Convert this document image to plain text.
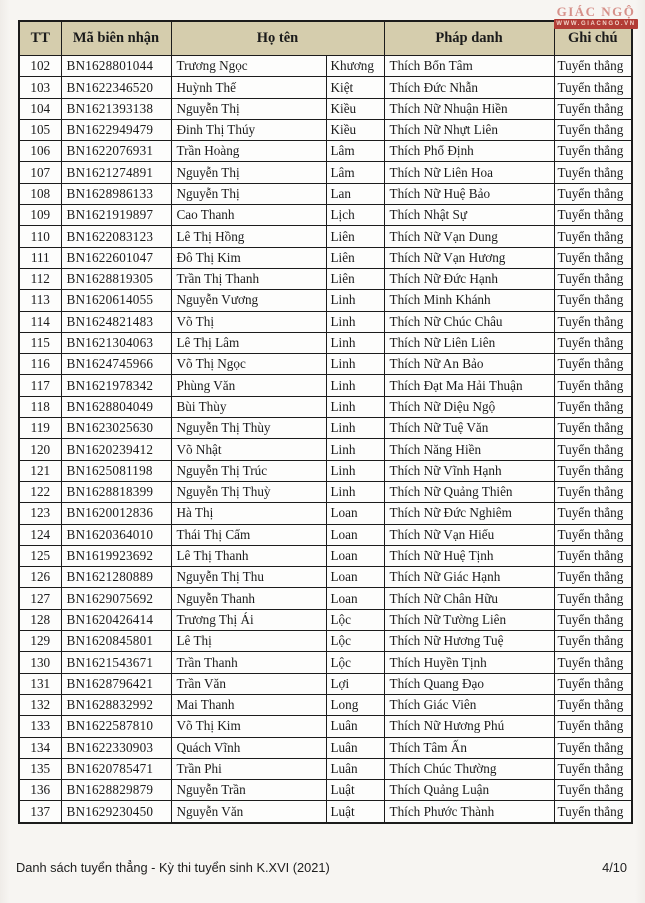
TT	Mã biên nhận	Họ tên		Pháp danh	Ghi chú
102	BN1628801044	Trương Ngọc	Khương	Thích Bổn Tâm	Tuyển thẳng
103	BN1622346520	Huỳnh Thế	Kiệt	Thích Đức Nhẫn	Tuyển thẳng
104	BN1621393138	Nguyễn Thị	Kiều	Thích Nữ Nhuận Hiền	Tuyển thẳng
105	BN1622949479	Đinh Thị Thúy	Kiều	Thích Nữ Nhựt Liên	Tuyển thẳng
106	BN1622076931	Trần Hoàng	Lâm	Thích Phổ Định	Tuyển thẳng
107	BN1621274891	Nguyễn Thị	Lâm	Thích Nữ Liên Hoa	Tuyển thẳng
108	BN1628986133	Nguyễn Thị	Lan	Thích Nữ Huệ Bảo	Tuyển thẳng
109	BN1621919897	Cao Thanh	Lịch	Thích Nhật Sự	Tuyển thẳng
110	BN1622083123	Lê Thị Hồng	Liên	Thích Nữ Vạn Dung	Tuyển thẳng
111	BN1622601047	Đô Thị Kim	Liên	Thích Nữ Vạn Hương	Tuyển thẳng
112	BN1628819305	Trần Thị Thanh	Liên	Thích Nữ Đức Hạnh	Tuyển thẳng
113	BN1620614055	Nguyễn Vương	Linh	Thích Minh Khánh	Tuyển thẳng
114	BN1624821483	Võ Thị	Linh	Thích Nữ Chúc Châu	Tuyển thẳng
115	BN1621304063	Lê Thị Lâm	Linh	Thích Nữ Liên Liên	Tuyển thẳng
116	BN1624745966	Võ Thị Ngọc	Linh	Thích Nữ An Bảo	Tuyển thẳng
117	BN1621978342	Phùng Văn	Linh	Thích Đạt Ma Hải Thuận	Tuyển thẳng
118	BN1628804049	Bùi Thùy	Linh	Thích Nữ Diệu Ngộ	Tuyển thẳng
119	BN1623025630	Nguyễn Thị Thùy	Linh	Thích Nữ Tuệ Văn	Tuyển thẳng
120	BN1620239412	Võ Nhật	Linh	Thích Năng Hiền	Tuyển thẳng
121	BN1625081198	Nguyễn Thị Trúc	Linh	Thích Nữ Vĩnh Hạnh	Tuyển thẳng
122	BN1628818399	Nguyễn Thị Thuỳ	Linh	Thích Nữ Quảng Thiên	Tuyển thẳng
123	BN1620012836	Hà Thị	Loan	Thích Nữ Đức Nghiêm	Tuyển thẳng
124	BN1620364010	Thái Thị Cẩm	Loan	Thích Nữ Vạn Hiếu	Tuyển thẳng
125	BN1619923692	Lê Thị Thanh	Loan	Thích Nữ Huệ Tịnh	Tuyển thẳng
126	BN1621280889	Nguyễn Thị Thu	Loan	Thích Nữ Giác Hạnh	Tuyển thẳng
127	BN1629075692	Nguyễn Thanh	Loan	Thích Nữ Chân Hữu	Tuyển thẳng
128	BN1620426414	Trương Thị Ái	Lộc	Thích Nữ Tường Liên	Tuyển thẳng
129	BN1620845801	Lê Thị	Lộc	Thích Nữ Hương Tuệ	Tuyển thẳng
130	BN1621543671	Trần Thanh	Lộc	Thích Huyền Tịnh	Tuyển thẳng
131	BN1628796421	Trần Văn	Lợi	Thích Quang Đạo	Tuyển thẳng
132	BN1628832992	Mai Thanh	Long	Thích Giác Viên	Tuyển thẳng
133	BN1622587810	Võ Thị Kim	Luân	Thích Nữ Hương Phú	Tuyển thẳng
134	BN1622330903	Quách Vĩnh	Luân	Thích Tâm Ấn	Tuyển thẳng
135	BN1620785471	Trần Phi	Luân	Thích Chúc Thường	Tuyển thẳng
136	BN1628829879	Nguyễn Trần	Luật	Thích Quảng Luận	Tuyển thẳng
137	BN1629230450	Nguyễn Văn	Luật	Thích Phước Thành	Tuyển thẳng
GIÁC NGỘ
WWW.GIACNGO.VN
Danh sách tuyển thẳng - Kỳ thi tuyển sinh K.XVI (2021)	4/10
